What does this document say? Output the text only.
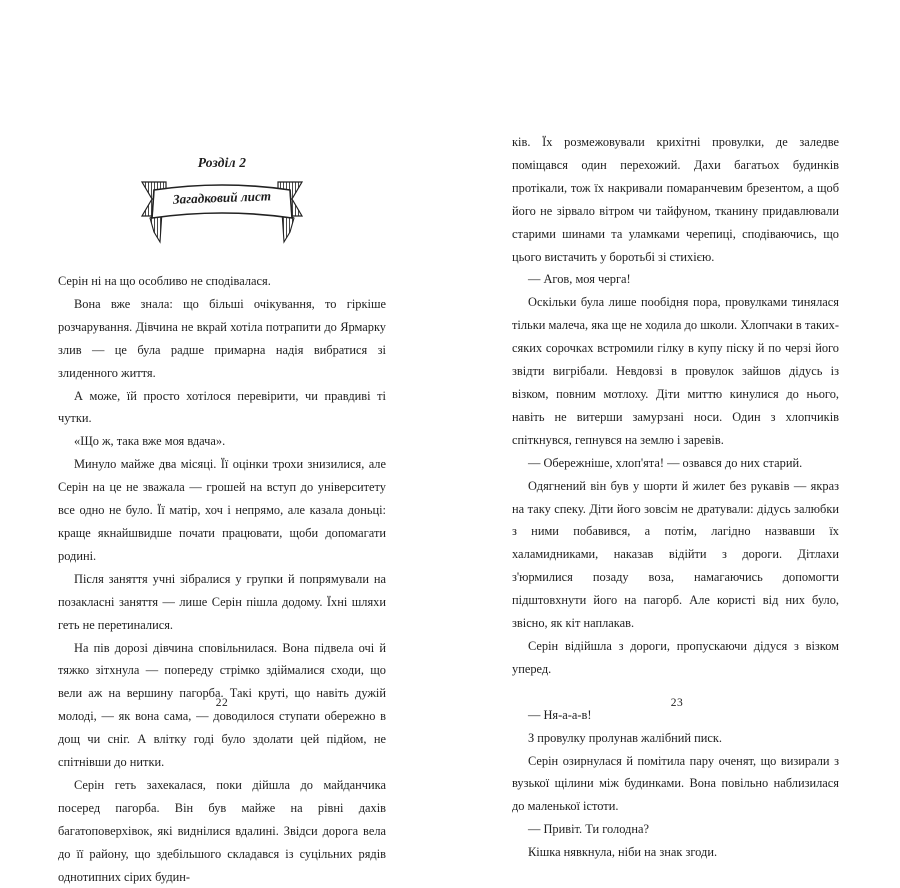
Розділ 2
Загадковий лист

Серін ні на що особливо не сподівалася.

Вона вже знала: що більші очікування, то гіркіше розчарування. Дівчина не вкрай хотіла потрапити до Ярмарку злив — це була радше примарна надія вибратися зі злиденного життя.

А може, їй просто хотілося перевірити, чи правдиві ті чутки.

«Що ж, така вже моя вдача».

Минуло майже два місяці. Її оцінки трохи знизилися, але Серін на це не зважала — грошей на вступ до університету все одно не було. Її матір, хоч і непрямо, але казала доньці: краще якнайшвидше почати працювати, щоби допомагати родині.

Після заняття учні зібралися у групки й попрямували на позакласні заняття — лише Серін пішла додому. Їхні шляхи геть не перетиналися.

На пів дорозі дівчина сповільнилася. Вона підвела очі й тяжко зітхнула — попереду стрімко здіймалися сходи, що вели аж на вершину пагорба. Такі круті, що навіть дужій молоді, — як вона сама, — доводилося ступати обережно в дощ чи сніг. А влітку годі було здолати цей підйом, не спітнівши до нитки.

Серін геть захекалася, поки дійшла до майданчика посеред пагорба. Він був майже на рівні дахів багатоповерхівок, які виднілися вдалині. Звідси дорога вела до її району, що здебільшого складався із суцільних рядів однотипних сірих будин-

22

ків. Їх розмежовували крихітні провулки, де заледве поміщався один перехожий. Дахи багатьох будинків протікали, тож їх накривали помаранчевим брезентом, а щоб його не зірвало вітром чи тайфуном, тканину придавлювали старими шинами та уламками черепиці, сподіваючись, що цього вистачить у боротьбі зі стихією.

— Агов, моя черга!

Оскільки була лише пообідня пора, провулками тинялася тільки малеча, яка ще не ходила до школи. Хлопчаки в таких-сяких сорочках встромили гілку в купу піску й по черзі його звідти вигрібали. Невдовзі в провулок зайшов дідусь із візком, повним мотлоху. Діти миттю кинулися до нього, навіть не витерши замурзані носи. Один з хлопчиків спіткнувся, гепнувся на землю і заревів.

— Обережніше, хлоп'ята! — озвався до них старий.

Одягнений він був у шорти й жилет без рукавів — якраз на таку спеку. Діти його зовсім не дратували: дідусь залюбки з ними побавився, а потім, лагідно назвавши їх халамидниками, наказав відійти з дороги. Дітлахи з'юрмилися позаду воза, намагаючись допомогти підштовхнути його на пагорб. Але користі від них було, звісно, як кіт наплакав.

Серін відійшла з дороги, пропускаючи дідуся з візком уперед.

— Ня-а-а-в!

З провулку пролунав жалібний писк.

Серін озирнулася й помітила пару оченят, що визирали з вузької щілини між будинками. Вона повільно наблизилася до маленької істоти.

— Привіт. Ти голодна?

Кішка нявкнула, ніби на знак згоди.

23
